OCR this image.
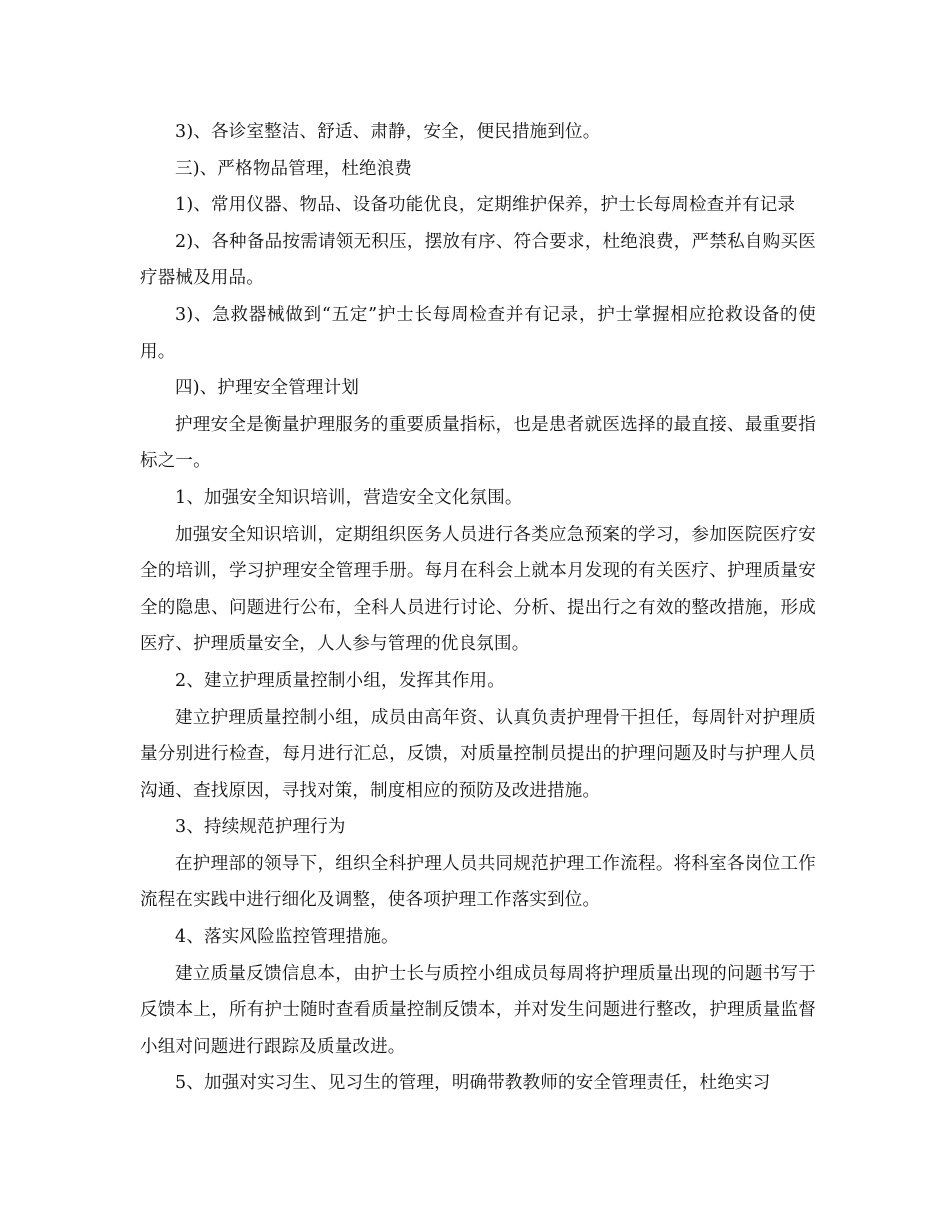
3)、各诊室整洁、舒适、肃静，安全，便民措施到位。

三)、严格物品管理，杜绝浪费

1)、常用仪器、物品、设备功能优良，定期维护保养，护士长每周检查并有记录

2)、各种备品按需请领无积压，摆放有序、符合要求，杜绝浪费，严禁私自购买医疗器械及用品。

3)、急救器械做到“五定”护士长每周检查并有记录，护士掌握相应抢救设备的使用。

四)、护理安全管理计划

护理安全是衡量护理服务的重要质量指标，也是患者就医选择的最直接、最重要指标之一。

1、加强安全知识培训，营造安全文化氛围。

加强安全知识培训，定期组织医务人员进行各类应急预案的学习，参加医院医疗安全的培训，学习护理安全管理手册。每月在科会上就本月发现的有关医疗、护理质量安全的隐患、问题进行公布，全科人员进行讨论、分析、提出行之有效的整改措施，形成医疗、护理质量安全，人人参与管理的优良氛围。

2、建立护理质量控制小组，发挥其作用。

建立护理质量控制小组，成员由高年资、认真负责护理骨干担任，每周针对护理质量分别进行检查，每月进行汇总，反馈，对质量控制员提出的护理问题及时与护理人员沟通、查找原因，寻找对策，制度相应的预防及改进措施。

3、持续规范护理行为

在护理部的领导下，组织全科护理人员共同规范护理工作流程。将科室各岗位工作流程在实践中进行细化及调整，使各项护理工作落实到位。

4、落实风险监控管理措施。

建立质量反馈信息本，由护士长与质控小组成员每周将护理质量出现的问题书写于反馈本上，所有护士随时查看质量控制反馈本，并对发生问题进行整改，护理质量监督小组对问题进行跟踪及质量改进。

5、加强对实习生、见习生的管理，明确带教教师的安全管理责任，杜绝实习
